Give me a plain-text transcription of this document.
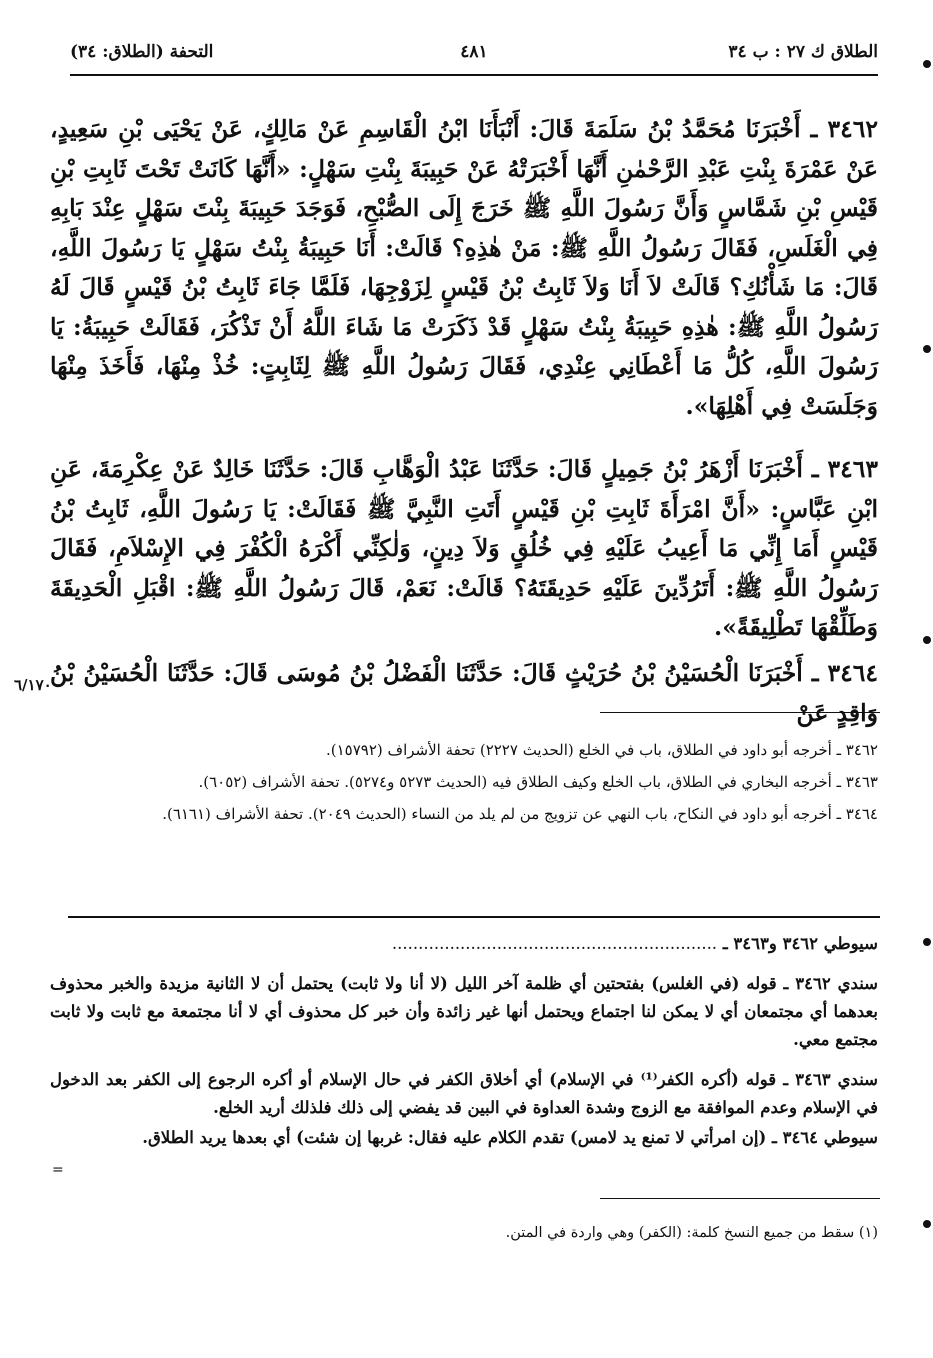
الطلاق ك ٢٧ : ب ٣٤
٤٨١
التحفة (الطلاق: ٣٤)
٣٤٦٢ ـ أَخْبَرَنَا مُحَمَّدُ بْنُ سَلَمَةَ قَالَ: أَنْبَأَنَا ابْنُ الْقَاسِمِ عَنْ مَالِكٍ، عَنْ يَحْيَى بْنِ سَعِيدٍ، عَنْ عَمْرَةَ بِنْتِ عَبْدِ الرَّحْمٰنِ أَنَّهَا أَخْبَرَتْهُ عَنْ حَبِيبَةَ بِنْتِ سَهْلٍ: «أَنَّهَا كَانَتْ تَحْتَ ثَابِتِ بْنِ قَيْسِ بْنِ شَمَّاسٍ وَأَنَّ رَسُولَ اللَّهِ ﷺ خَرَجَ إِلَى الصُّبْحِ، فَوَجَدَ حَبِيبَةَ بِنْتَ سَهْلٍ عِنْدَ بَابِهِ فِي الْغَلَسِ، فَقَالَ رَسُولُ اللَّهِ ﷺ: مَنْ هٰذِهِ؟ قَالَتْ: أَنَا حَبِيبَةُ بِنْتُ سَهْلٍ يَا رَسُولَ اللَّهِ، قَالَ: مَا شَأْنُكِ؟ قَالَتْ لاَ أَنَا وَلاَ ثَابِتُ بْنُ قَيْسٍ لِزَوْجِهَا، فَلَمَّا جَاءَ ثَابِتُ بْنُ قَيْسٍ قَالَ لَهُ رَسُولُ اللَّهِ ﷺ: هٰذِهِ حَبِيبَةُ بِنْتُ سَهْلٍ قَدْ ذَكَرَتْ مَا شَاءَ اللَّهُ أَنْ تَذْكُرَ، فَقَالَتْ حَبِيبَةُ: يَا رَسُولَ اللَّهِ، كُلُّ مَا أَعْطَانِي عِنْدِي، فَقَالَ رَسُولُ اللَّهِ ﷺ لِثَابِتٍ: خُذْ مِنْهَا، فَأَخَذَ مِنْهَا وَجَلَسَتْ فِي أَهْلِهَا».
٣٤٦٣ ـ أَخْبَرَنَا أَزْهَرُ بْنُ جَمِيلٍ قَالَ: حَدَّثَنَا عَبْدُ الْوَهَّابِ قَالَ: حَدَّثَنَا خَالِدٌ عَنْ عِكْرِمَةَ، عَنِ ابْنِ عَبَّاسٍ: «أَنَّ امْرَأَةَ ثَابِتِ بْنِ قَيْسٍ أَتَتِ النَّبِيَّ ﷺ فَقَالَتْ: يَا رَسُولَ اللَّهِ، ثَابِتُ بْنُ قَيْسٍ أَمَا إِنِّي مَا أَعِيبُ عَلَيْهِ فِي خُلُقٍ وَلاَ دِينٍ، وَلٰكِنِّي أَكْرَهُ الْكُفْرَ فِي الإِسْلاَمِ، فَقَالَ رَسُولُ اللَّهِ ﷺ: أَتَرُدِّينَ عَلَيْهِ حَدِيقَتَهُ؟ قَالَتْ: نَعَمْ، قَالَ رَسُولُ اللَّهِ ﷺ: اقْبَلِ الْحَدِيقَةَ وَطَلِّقْهَا تَطْلِيقَةً».
٣٤٦٤ ـ أَخْبَرَنَا الْحُسَيْنُ بْنُ حُرَيْثٍ قَالَ: حَدَّثَنَا الْفَضْلُ بْنُ مُوسَى قَالَ: حَدَّثَنَا الْحُسَيْنُ بْنُ وَاقِدٍ عَنْ
٦/١٧٠

٣٤٦٢ ـ أخرجه أبو داود في الطلاق، باب في الخلع (الحديث ٢٢٢٧) تحفة الأشراف (١٥٧٩٢).

٣٤٦٣ ـ أخرجه البخاري في الطلاق، باب الخلع وكيف الطلاق فيه (الحديث ٥٢٧٣ و٥٢٧٤). تحفة الأشراف (٦٠٥٢).

٣٤٦٤ ـ أخرجه أبو داود في النكاح، باب النهي عن تزويج من لم يلد من النساء (الحديث ٢٠٤٩). تحفة الأشراف (٦١٦١).

سيوطي ٣٤٦٢ و٣٤٦٣ ـ ..............................................................

سندي ٣٤٦٢ ـ قوله (في الغلس) بفتحتين أي ظلمة آخر الليل (لا أنا ولا ثابت) يحتمل أن لا الثانية مزيدة والخبر محذوف بعدهما أي مجتمعان أي لا يمكن لنا اجتماع ويحتمل أنها غير زائدة وأن خبر كل محذوف أي لا أنا مجتمعة مع ثابت ولا ثابت مجتمع معي.

سندي ٣٤٦٣ ـ قوله (أكره الكفر⁽¹⁾ في الإسلام) أي أخلاق الكفر في حال الإسلام أو أكره الرجوع إلى الكفر بعد الدخول في الإسلام وعدم الموافقة مع الزوج وشدة العداوة في البين قد يفضي إلى ذلك فلذلك أريد الخلع.

سيوطي ٣٤٦٤ ـ (إن امرأتي لا تمنع يد لامس) تقدم الكلام عليه فقال: غربها إن شئت) أي بعدها يريد الطلاق.

=
(١) سقط من جميع النسخ كلمة: (الكفر) وهي واردة في المتن.
